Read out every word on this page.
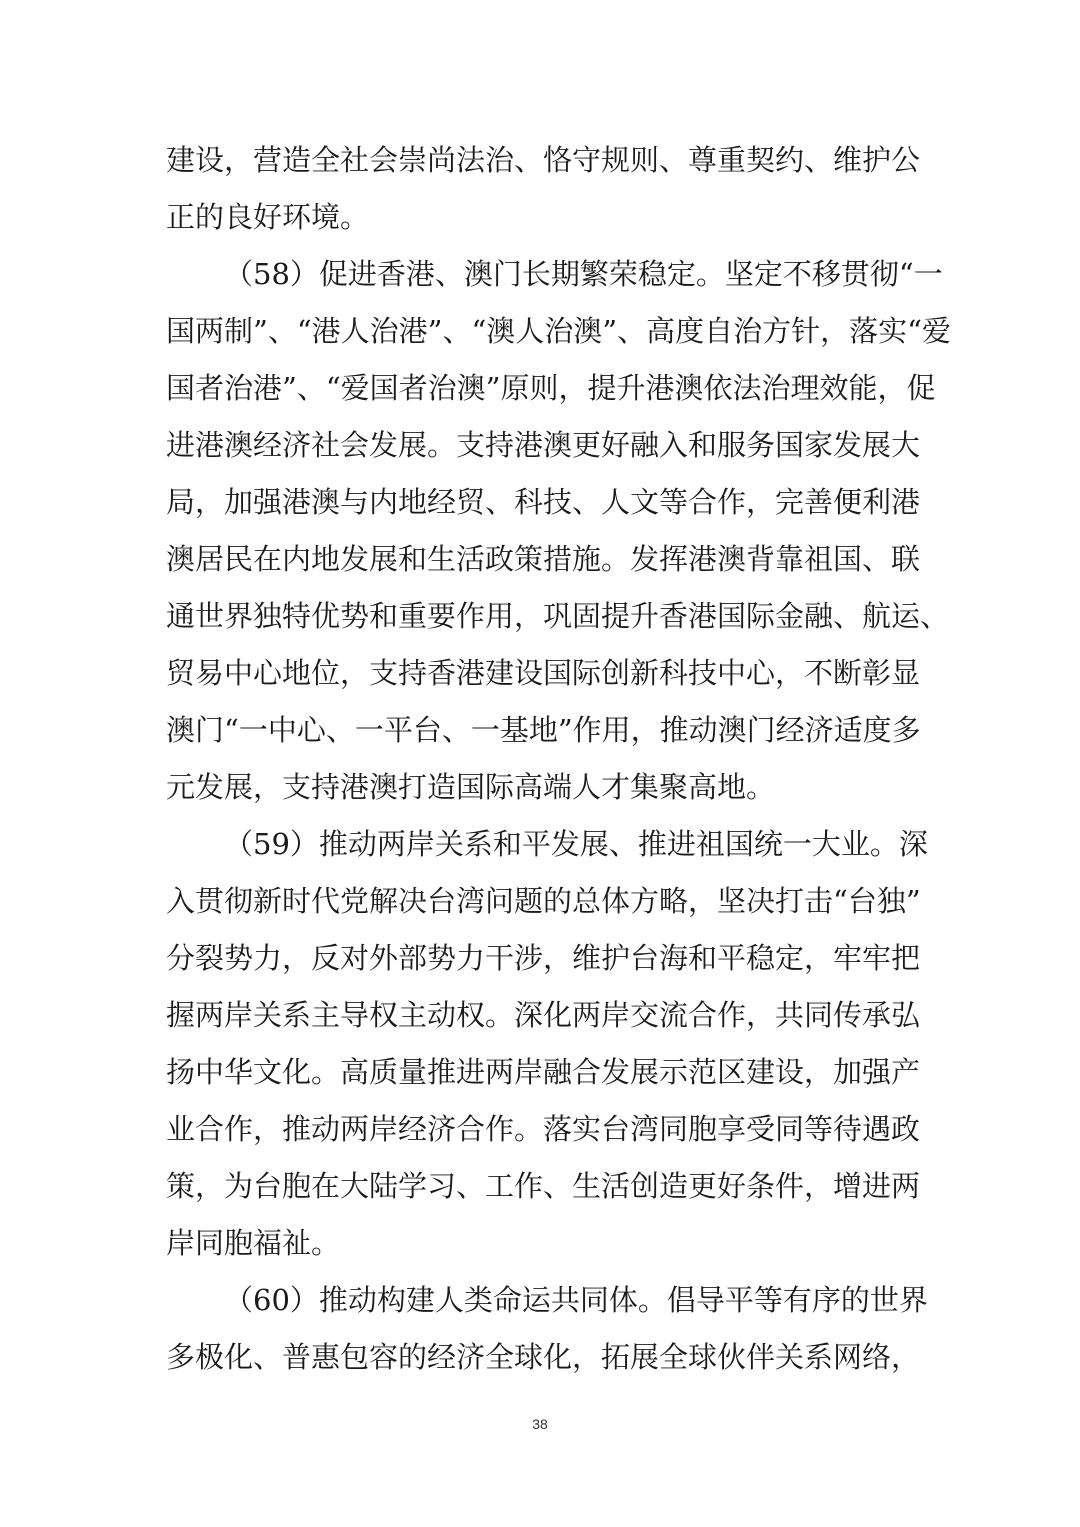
建设，营造全社会崇尚法治、恪守规则、尊重契约、维护公
正的良好环境。
（58）促进香港、澳门长期繁荣稳定。坚定不移贯彻“一
国两制”、“港人治港”、“澳人治澳”、高度自治方针，落实“爱
国者治港”、“爱国者治澳”原则，提升港澳依法治理效能，促
进港澳经济社会发展。支持港澳更好融入和服务国家发展大
局，加强港澳与内地经贸、科技、人文等合作，完善便利港
澳居民在内地发展和生活政策措施。发挥港澳背靠祖国、联
通世界独特优势和重要作用，巩固提升香港国际金融、航运、
贸易中心地位，支持香港建设国际创新科技中心，不断彰显
澳门“一中心、一平台、一基地”作用，推动澳门经济适度多
元发展，支持港澳打造国际高端人才集聚高地。
（59）推动两岸关系和平发展、推进祖国统一大业。深
入贯彻新时代党解决台湾问题的总体方略，坚决打击“台独”
分裂势力，反对外部势力干涉，维护台海和平稳定，牢牢把
握两岸关系主导权主动权。深化两岸交流合作，共同传承弘
扬中华文化。高质量推进两岸融合发展示范区建设，加强产
业合作，推动两岸经济合作。落实台湾同胞享受同等待遇政
策，为台胞在大陆学习、工作、生活创造更好条件，增进两
岸同胞福祉。
（60）推动构建人类命运共同体。倡导平等有序的世界
多极化、普惠包容的经济全球化，拓展全球伙伴关系网络，
38
